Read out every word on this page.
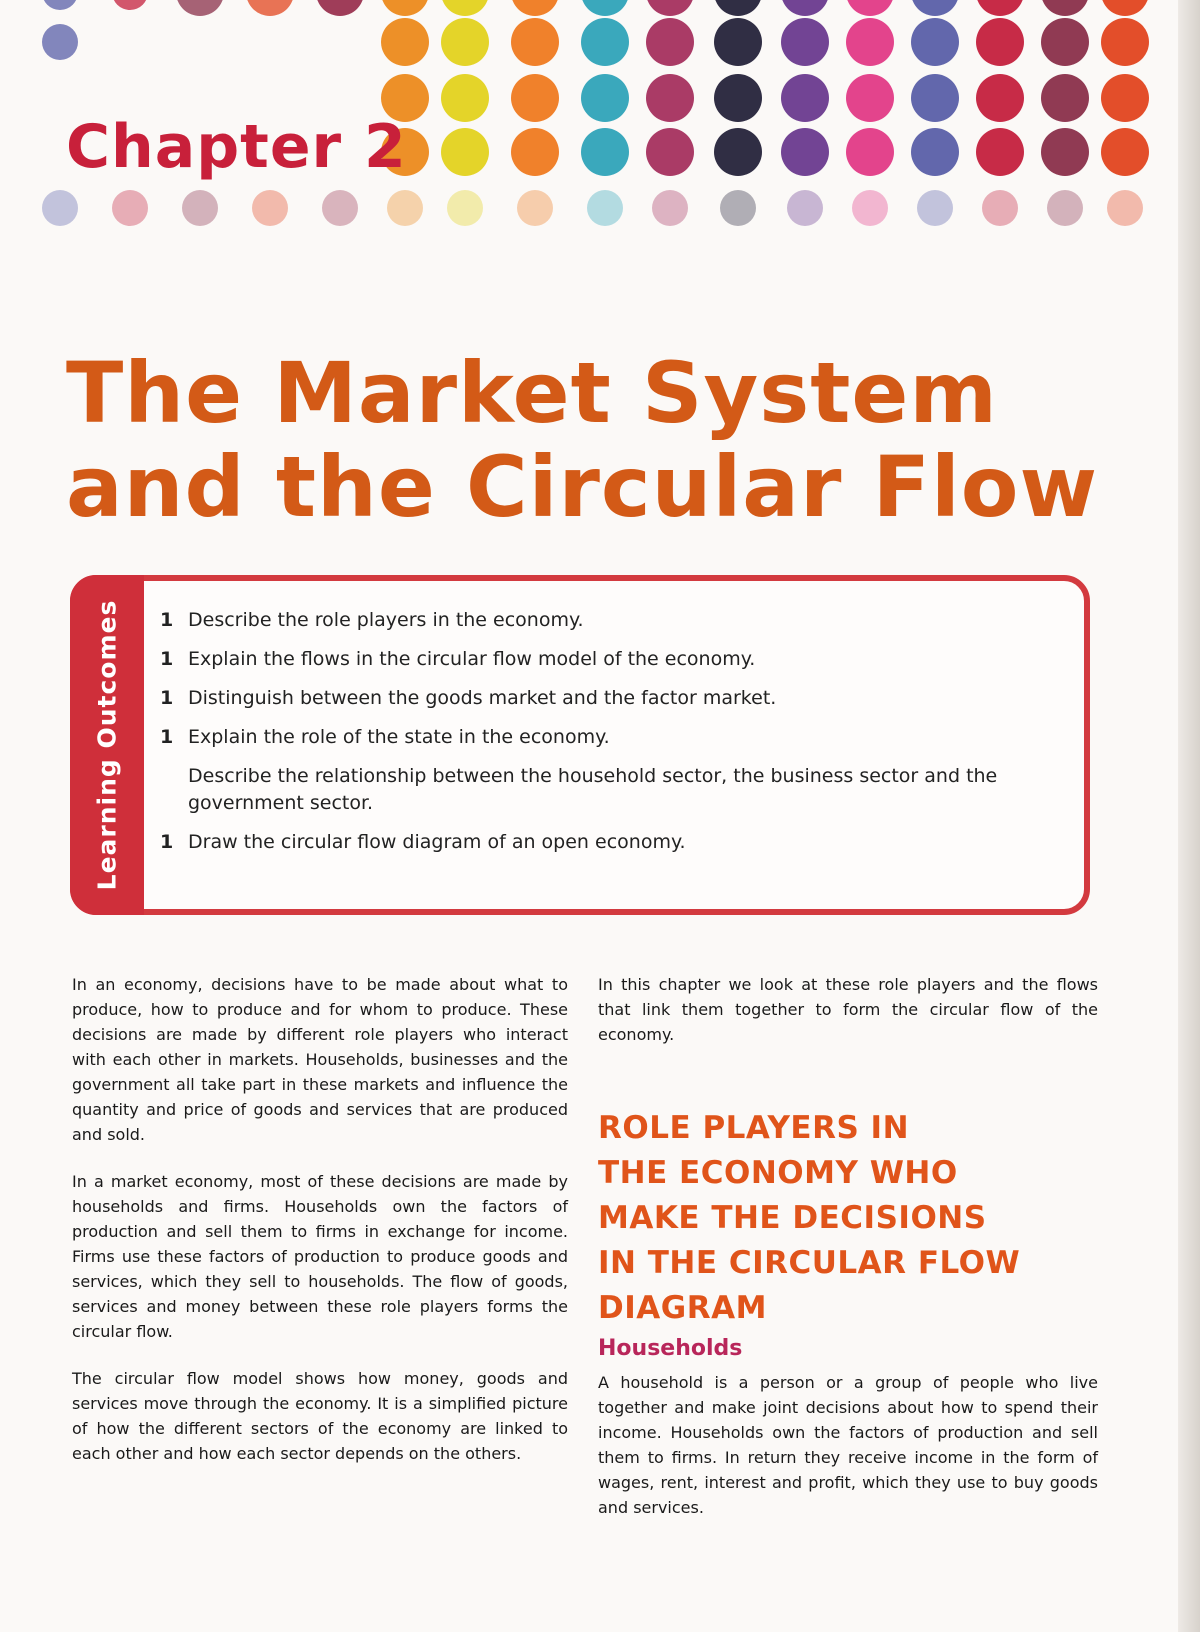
Chapter 2
The Market System
and the Circular Flow
Learning Outcomes 1 Describe the role players in the economy.
1 Explain the flows in the circular flow model of the economy.
1 Distinguish between the goods market and the factor market.
1 Explain the role of the state in the economy.
Describe the relationship between the household sector, the business sector and the government sector.
1 Draw the circular flow diagram of an open economy.

In an economy, decisions have to be made about what to produce, how to produce and for whom to produce. These decisions are made by different role players who interact with each other in markets. Households, businesses and the government all take part in these markets and influence the quantity and price of goods and services that are produced and sold.

In a market economy, most of these decisions are made by households and firms. Households own the factors of production and sell them to firms in exchange for income. Firms use these factors of production to produce goods and services, which they sell to households. The flow of goods, services and money between these role players forms the circular flow.

The circular flow model shows how money, goods and services move through the economy. It is a simplified picture of how the different sectors of the economy are linked to each other and how each sector depends on the others.

In this chapter we look at these role players and the flows that link them together to form the circular flow of the economy.

ROLE PLAYERS IN
THE ECONOMY WHO
MAKE THE DECISIONS
IN THE CIRCULAR FLOW
DIAGRAM
Households

A household is a person or a group of people who live together and make joint decisions about how to spend their income. Households own the factors of production and sell them to firms. In return they receive income in the form of wages, rent, interest and profit, which they use to buy goods and services.
